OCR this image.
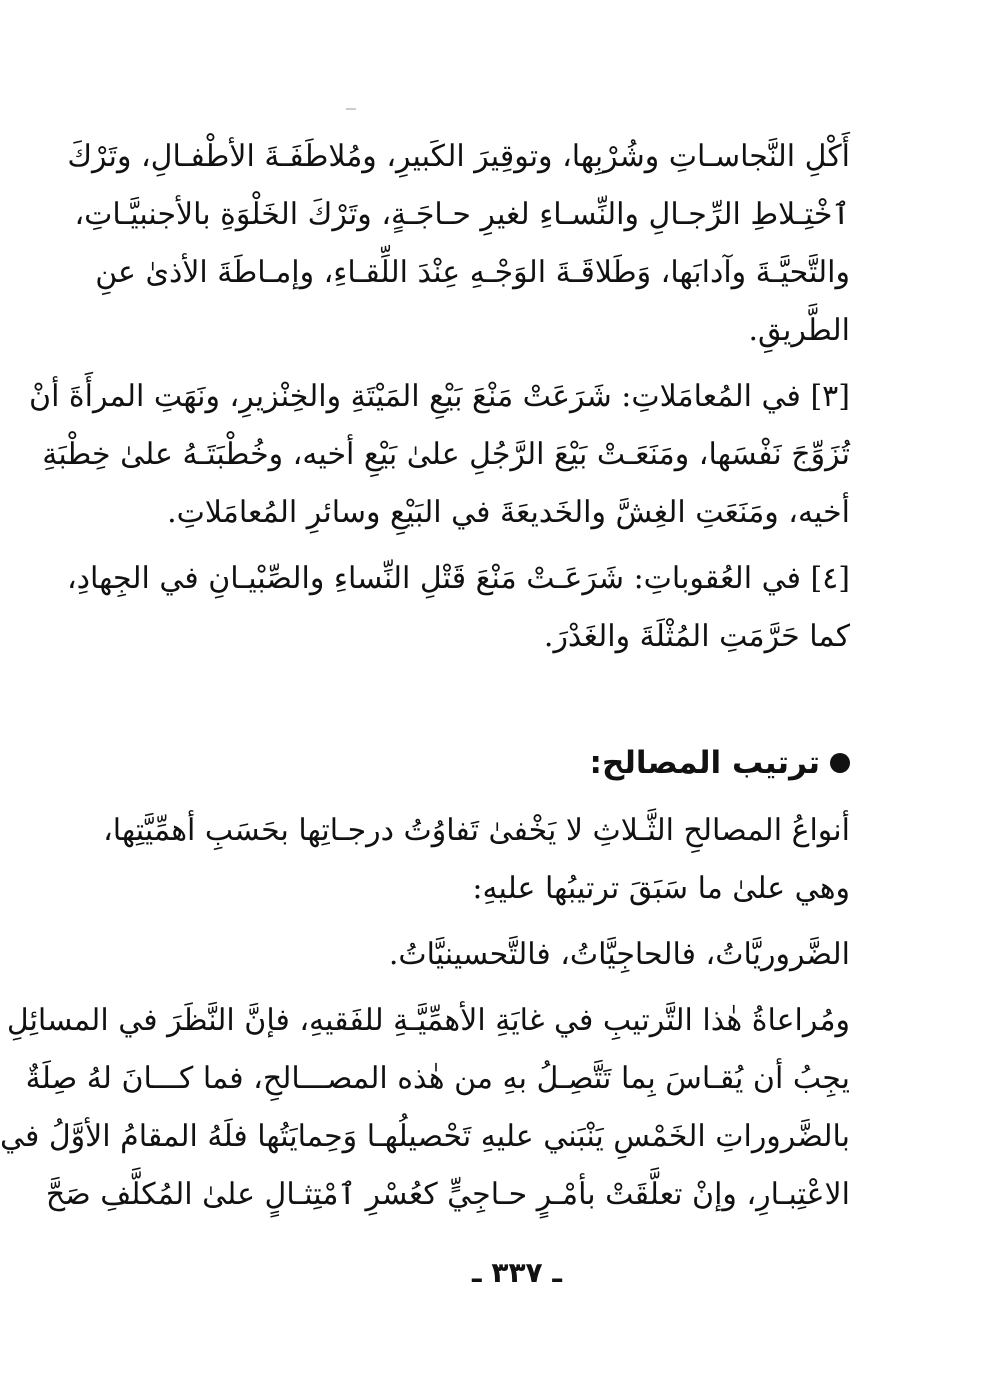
أَكْلِ النَّجاسـاتِ وشُرْبِها، وتوقِيرَ الكَبيرِ، ومُلاطَفَـةَ الأطْفـالِ، وتَرْكَ
ٱخْتِـلاطِ الرِّجـالِ والنِّسـاءِ لغيرِ حـاجَـةٍ، وتَرْكَ الخَلْوَةِ بالأجنبيَّـاتِ،
والتَّحيَّـةَ وآدابَها، وَطَلاقَـةَ الوَجْـهِ عِنْدَ اللِّقـاءِ، وإمـاطَةَ الأذىٰ عنِ
الطَّريقِ.
[٣] في المُعامَلاتِ: شَرَعَتْ مَنْعَ بَيْعِ المَيْتَةِ والخِنْزيرِ، ونَهَتِ المرأَةَ أنْ
تُزَوِّجَ نَفْسَها، ومَنَعَـتْ بَيْعَ الرَّجُلِ علىٰ بَيْعِ أخيه، وخُطْبَتَـهُ علىٰ خِطْبَةِ
أخيه، ومَنَعَتِ الغِشَّ والخَديعَةَ في البَيْعِ وسائرِ المُعامَلاتِ.
[٤] في العُقوباتِ: شَرَعَـتْ مَنْعَ قَتْلِ النِّساءِ والصِّبْيـانِ في الجِهادِ،
كما حَرَّمَتِ المُثْلَةَ والغَدْرَ.
ترتيب المصالح:
أنواعُ المصالحِ الثَّـلاثِ لا يَخْفىٰ تَفاوُتُ درجـاتِها بحَسَبِ أهمِّيَّتِها،
وهي علىٰ ما سَبَقَ ترتيبُها عليهِ:
الضَّروريَّاتُ، فالحاجِيَّاتُ، فالتَّحسينيَّاتُ.
ومُراعاةُ هٰذا التَّرتيبِ في غايَةِ الأهمِّيَّـةِ للفَقيهِ، فإنَّ النَّظَرَ في المسائِلِ
يجِبُ أن يُقـاسَ بِما تَتَّصِـلُ بهِ من هٰذه المصـــالحِ، فما كـــانَ لهُ صِلَةٌ
بالضَّروراتِ الخَمْسِ يَنْبَني عليهِ تَحْصيلُهـا وَحِمايَتُها فلَهُ المقامُ الأوَّلُ في
الاعْتِبـارِ، وإنْ تعلَّقَتْ بأمْـرٍ حـاجِيٍّ كعُسْرِ ٱمْتِثـالٍ علىٰ المُكلَّفِ صَحَّ
ـ ٣٣٧ ـ
